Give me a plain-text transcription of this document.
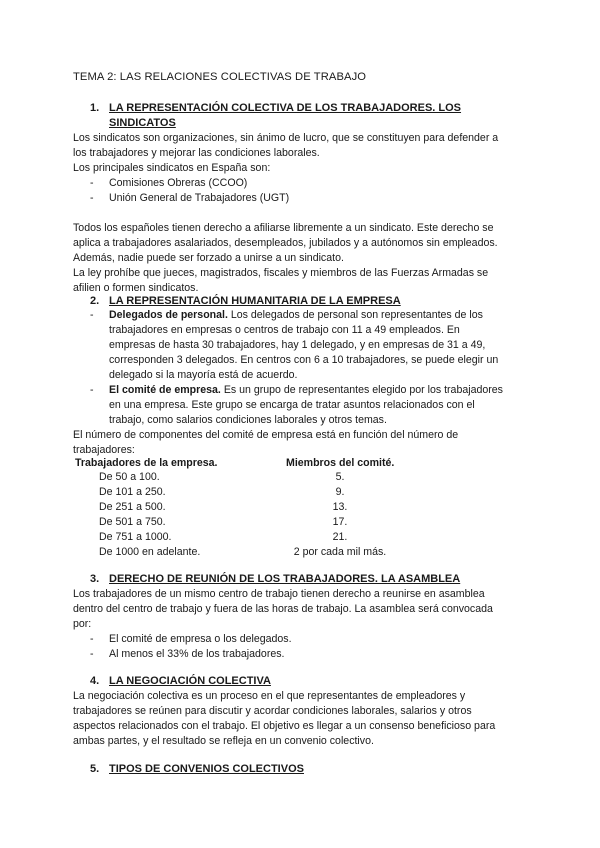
TEMA 2: LAS RELACIONES COLECTIVAS DE TRABAJO
1. LA REPRESENTACIÓN COLECTIVA DE LOS TRABAJADORES. LOS
SINDICATOS
Los sindicatos son organizaciones, sin ánimo de lucro, que se constituyen para defender a
los trabajadores y mejorar las condiciones laborales.
Los principales sindicatos en España son:
- Comisiones Obreras (CCOO)
- Unión General de Trabajadores (UGT)
Todos los españoles tienen derecho a afiliarse libremente a un sindicato. Este derecho se
aplica a trabajadores asalariados, desempleados, jubilados y a autónomos sin empleados.
Además, nadie puede ser forzado a unirse a un sindicato.
La ley prohíbe que jueces, magistrados, fiscales y miembros de las Fuerzas Armadas se
afilien o formen sindicatos.
2. LA REPRESENTACIÓN HUMANITARIA DE LA EMPRESA
- Delegados de personal. Los delegados de personal son representantes de los
trabajadores en empresas o centros de trabajo con 11 a 49 empleados. En
empresas de hasta 30 trabajadores, hay 1 delegado, y en empresas de 31 a 49,
corresponden 3 delegados. En centros con 6 a 10 trabajadores, se puede elegir un
delegado si la mayoría está de acuerdo.
- El comité de empresa. Es un grupo de representantes elegido por los trabajadores
en una empresa. Este grupo se encarga de tratar asuntos relacionados con el
trabajo, como salarios condiciones laborales y otros temas.
El número de componentes del comité de empresa está en función del número de
trabajadores:
Trabajadores de la empresa.	Miembros del comité.
De 50 a 100.	5.
De 101 a 250.	9.
De 251 a 500.	13.
De 501 a 750.	17.
De 751 a 1000.	21.
De 1000 en adelante.	2 por cada mil más.
3. DERECHO DE REUNIÓN DE LOS TRABAJADORES. LA ASAMBLEA
Los trabajadores de un mismo centro de trabajo tienen derecho a reunirse en asamblea
dentro del centro de trabajo y fuera de las horas de trabajo. La asamblea será convocada
por:
- El comité de empresa o los delegados.
- Al menos el 33% de los trabajadores.
4. LA NEGOCIACIÓN COLECTIVA
La negociación colectiva es un proceso en el que representantes de empleadores y
trabajadores se reúnen para discutir y acordar condiciones laborales, salarios y otros
aspectos relacionados con el trabajo. El objetivo es llegar a un consenso beneficioso para
ambas partes, y el resultado se refleja en un convenio colectivo.
5. TIPOS DE CONVENIOS COLECTIVOS
